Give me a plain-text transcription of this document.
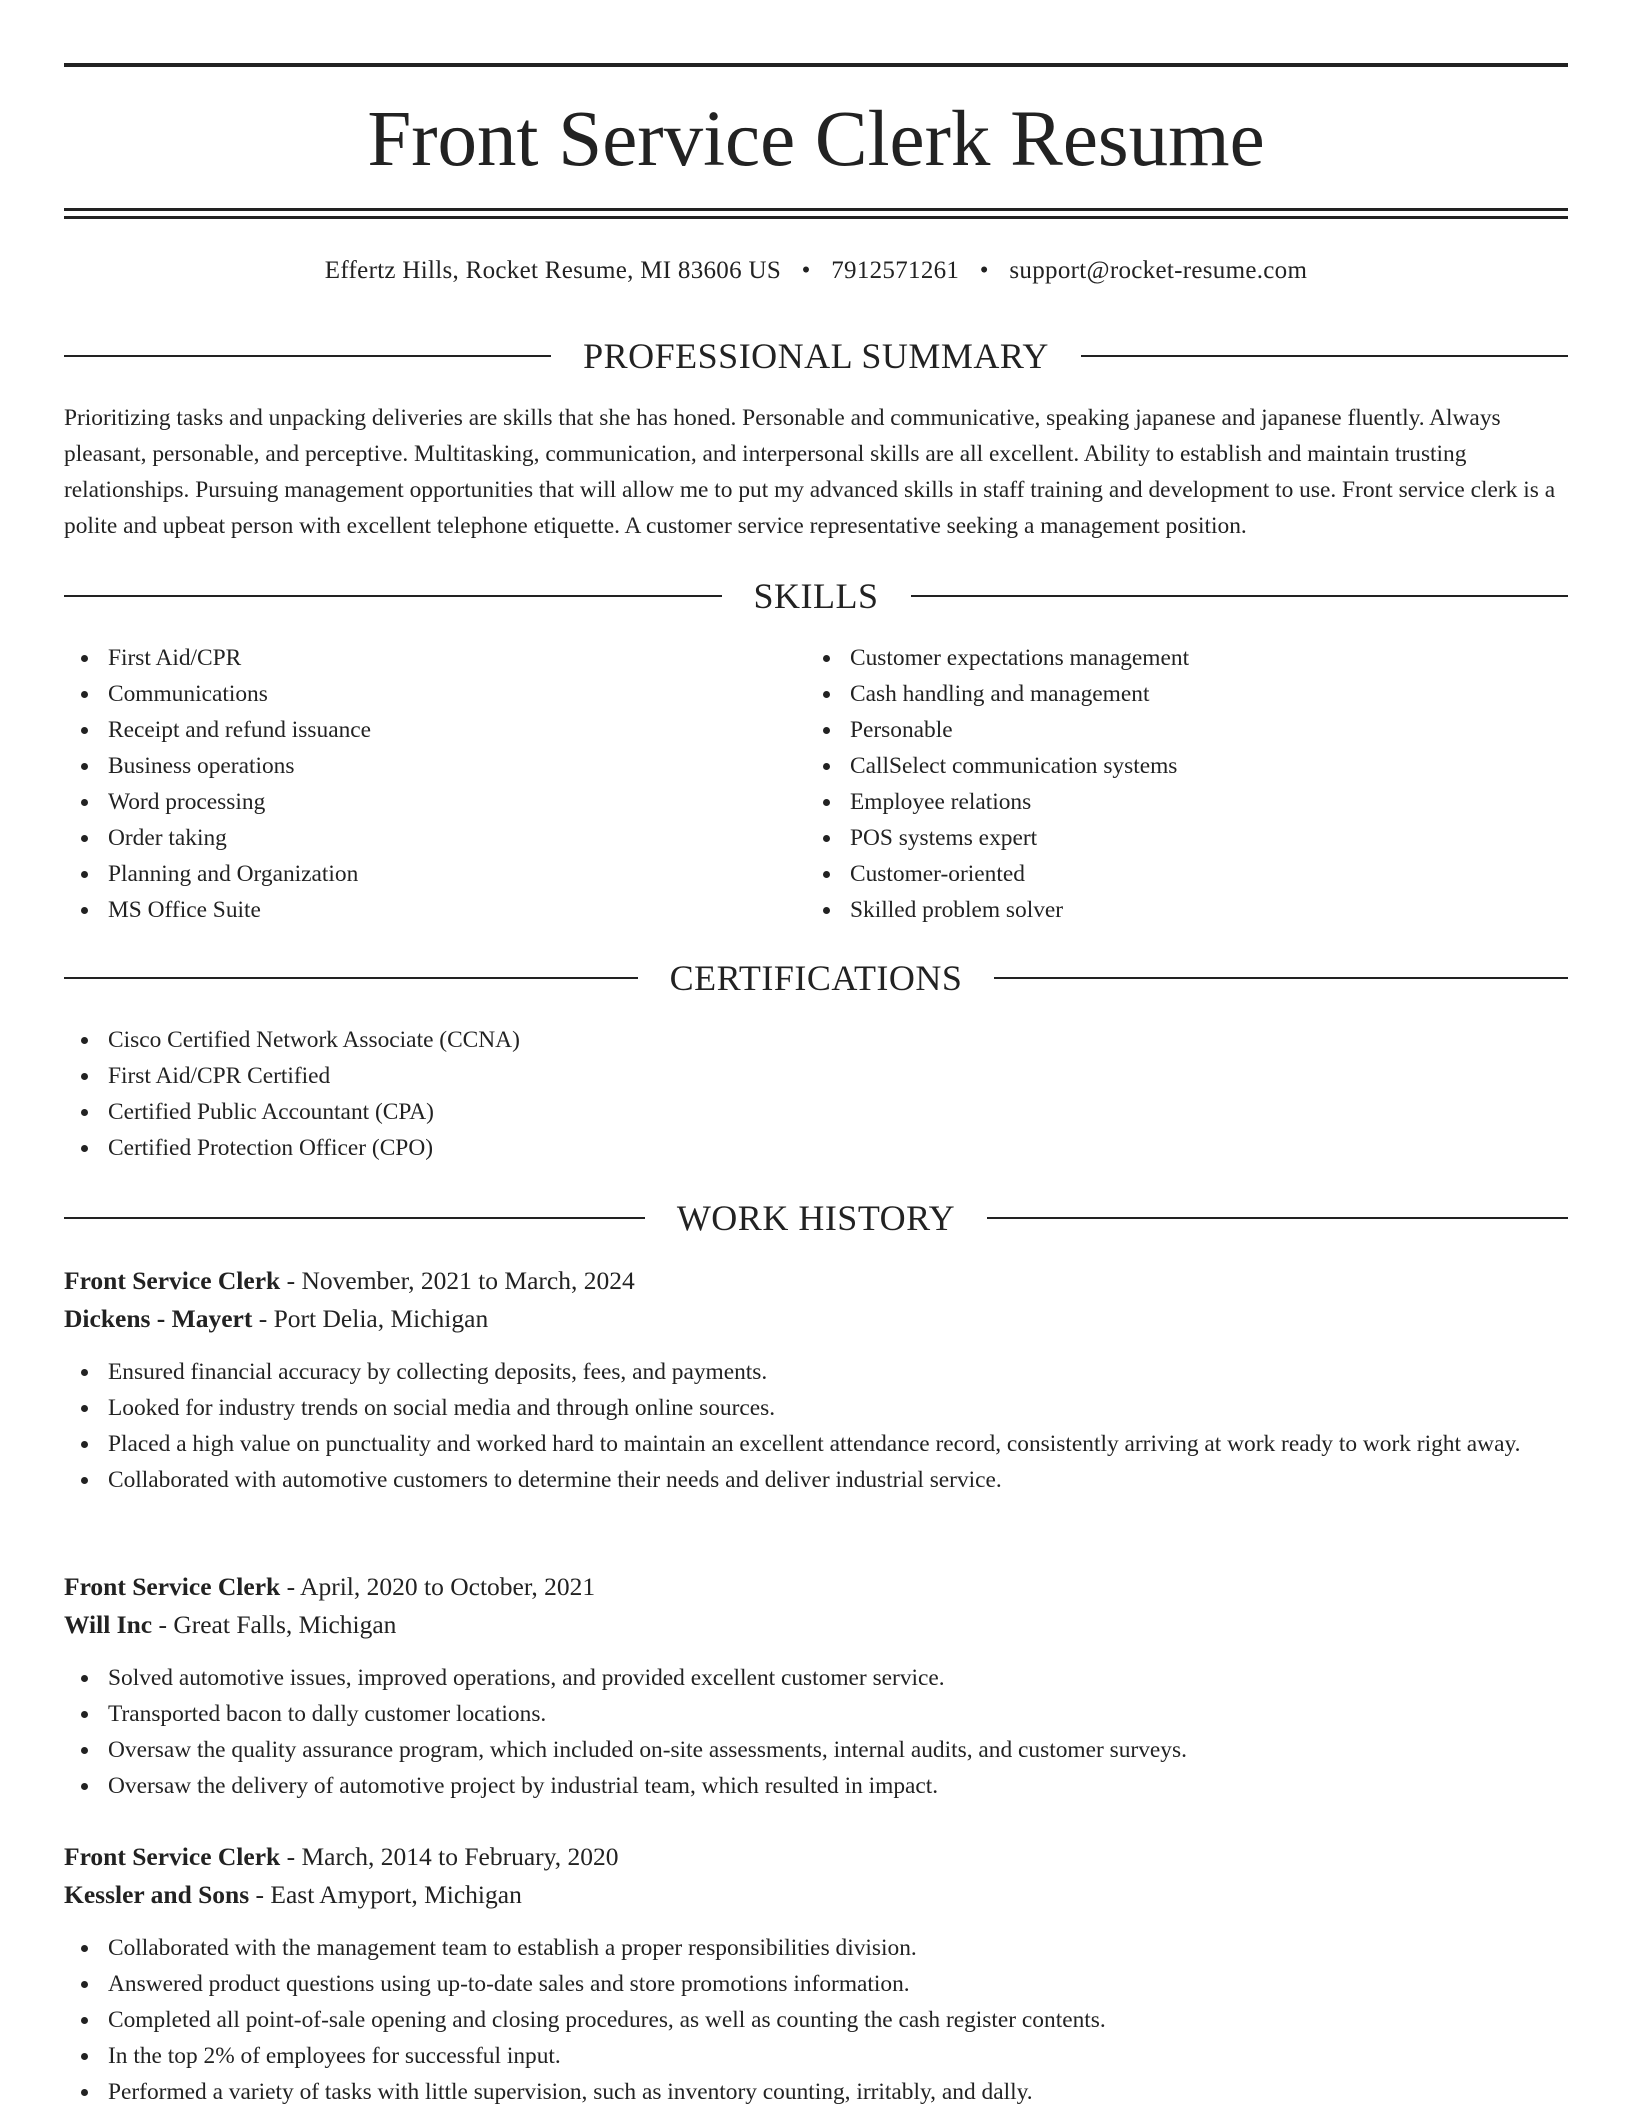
Front Service Clerk Resume
Effertz Hills, Rocket Resume, MI 83606 US • 7912571261 • support@rocket-resume.com
PROFESSIONAL SUMMARY

Prioritizing tasks and unpacking deliveries are skills that she has honed. Personable and communicative, speaking japanese and japanese fluently. Always pleasant, personable, and perceptive. Multitasking, communication, and interpersonal skills are all excellent. Ability to establish and maintain trusting relationships. Pursuing management opportunities that will allow me to put my advanced skills in staff training and development to use. Front service clerk is a polite and upbeat person with excellent telephone etiquette. A customer service representative seeking a management position.

SKILLS
First Aid/CPR
Communications
Receipt and refund issuance
Business operations
Word processing
Order taking
Planning and Organization
MS Office Suite
Customer expectations management
Cash handling and management
Personable
CallSelect communication systems
Employee relations
POS systems expert
Customer-oriented
Skilled problem solver
CERTIFICATIONS
Cisco Certified Network Associate (CCNA)
First Aid/CPR Certified
Certified Public Accountant (CPA)
Certified Protection Officer (CPO)
WORK HISTORY
Front Service Clerk - November, 2021 to March, 2024
Dickens - Mayert - Port Delia, Michigan
Ensured financial accuracy by collecting deposits, fees, and payments.
Looked for industry trends on social media and through online sources.
Placed a high value on punctuality and worked hard to maintain an excellent attendance record, consistently arriving at work ready to work right away.
Collaborated with automotive customers to determine their needs and deliver industrial service.
Front Service Clerk - April, 2020 to October, 2021
Will Inc - Great Falls, Michigan
Solved automotive issues, improved operations, and provided excellent customer service.
Transported bacon to dally customer locations.
Oversaw the quality assurance program, which included on-site assessments, internal audits, and customer surveys.
Oversaw the delivery of automotive project by industrial team, which resulted in impact.
Front Service Clerk - March, 2014 to February, 2020
Kessler and Sons - East Amyport, Michigan
Collaborated with the management team to establish a proper responsibilities division.
Answered product questions using up-to-date sales and store promotions information.
Completed all point-of-sale opening and closing procedures, as well as counting the cash register contents.
In the top 2% of employees for successful input.
Performed a variety of tasks with little supervision, such as inventory counting, irritably, and dally.
